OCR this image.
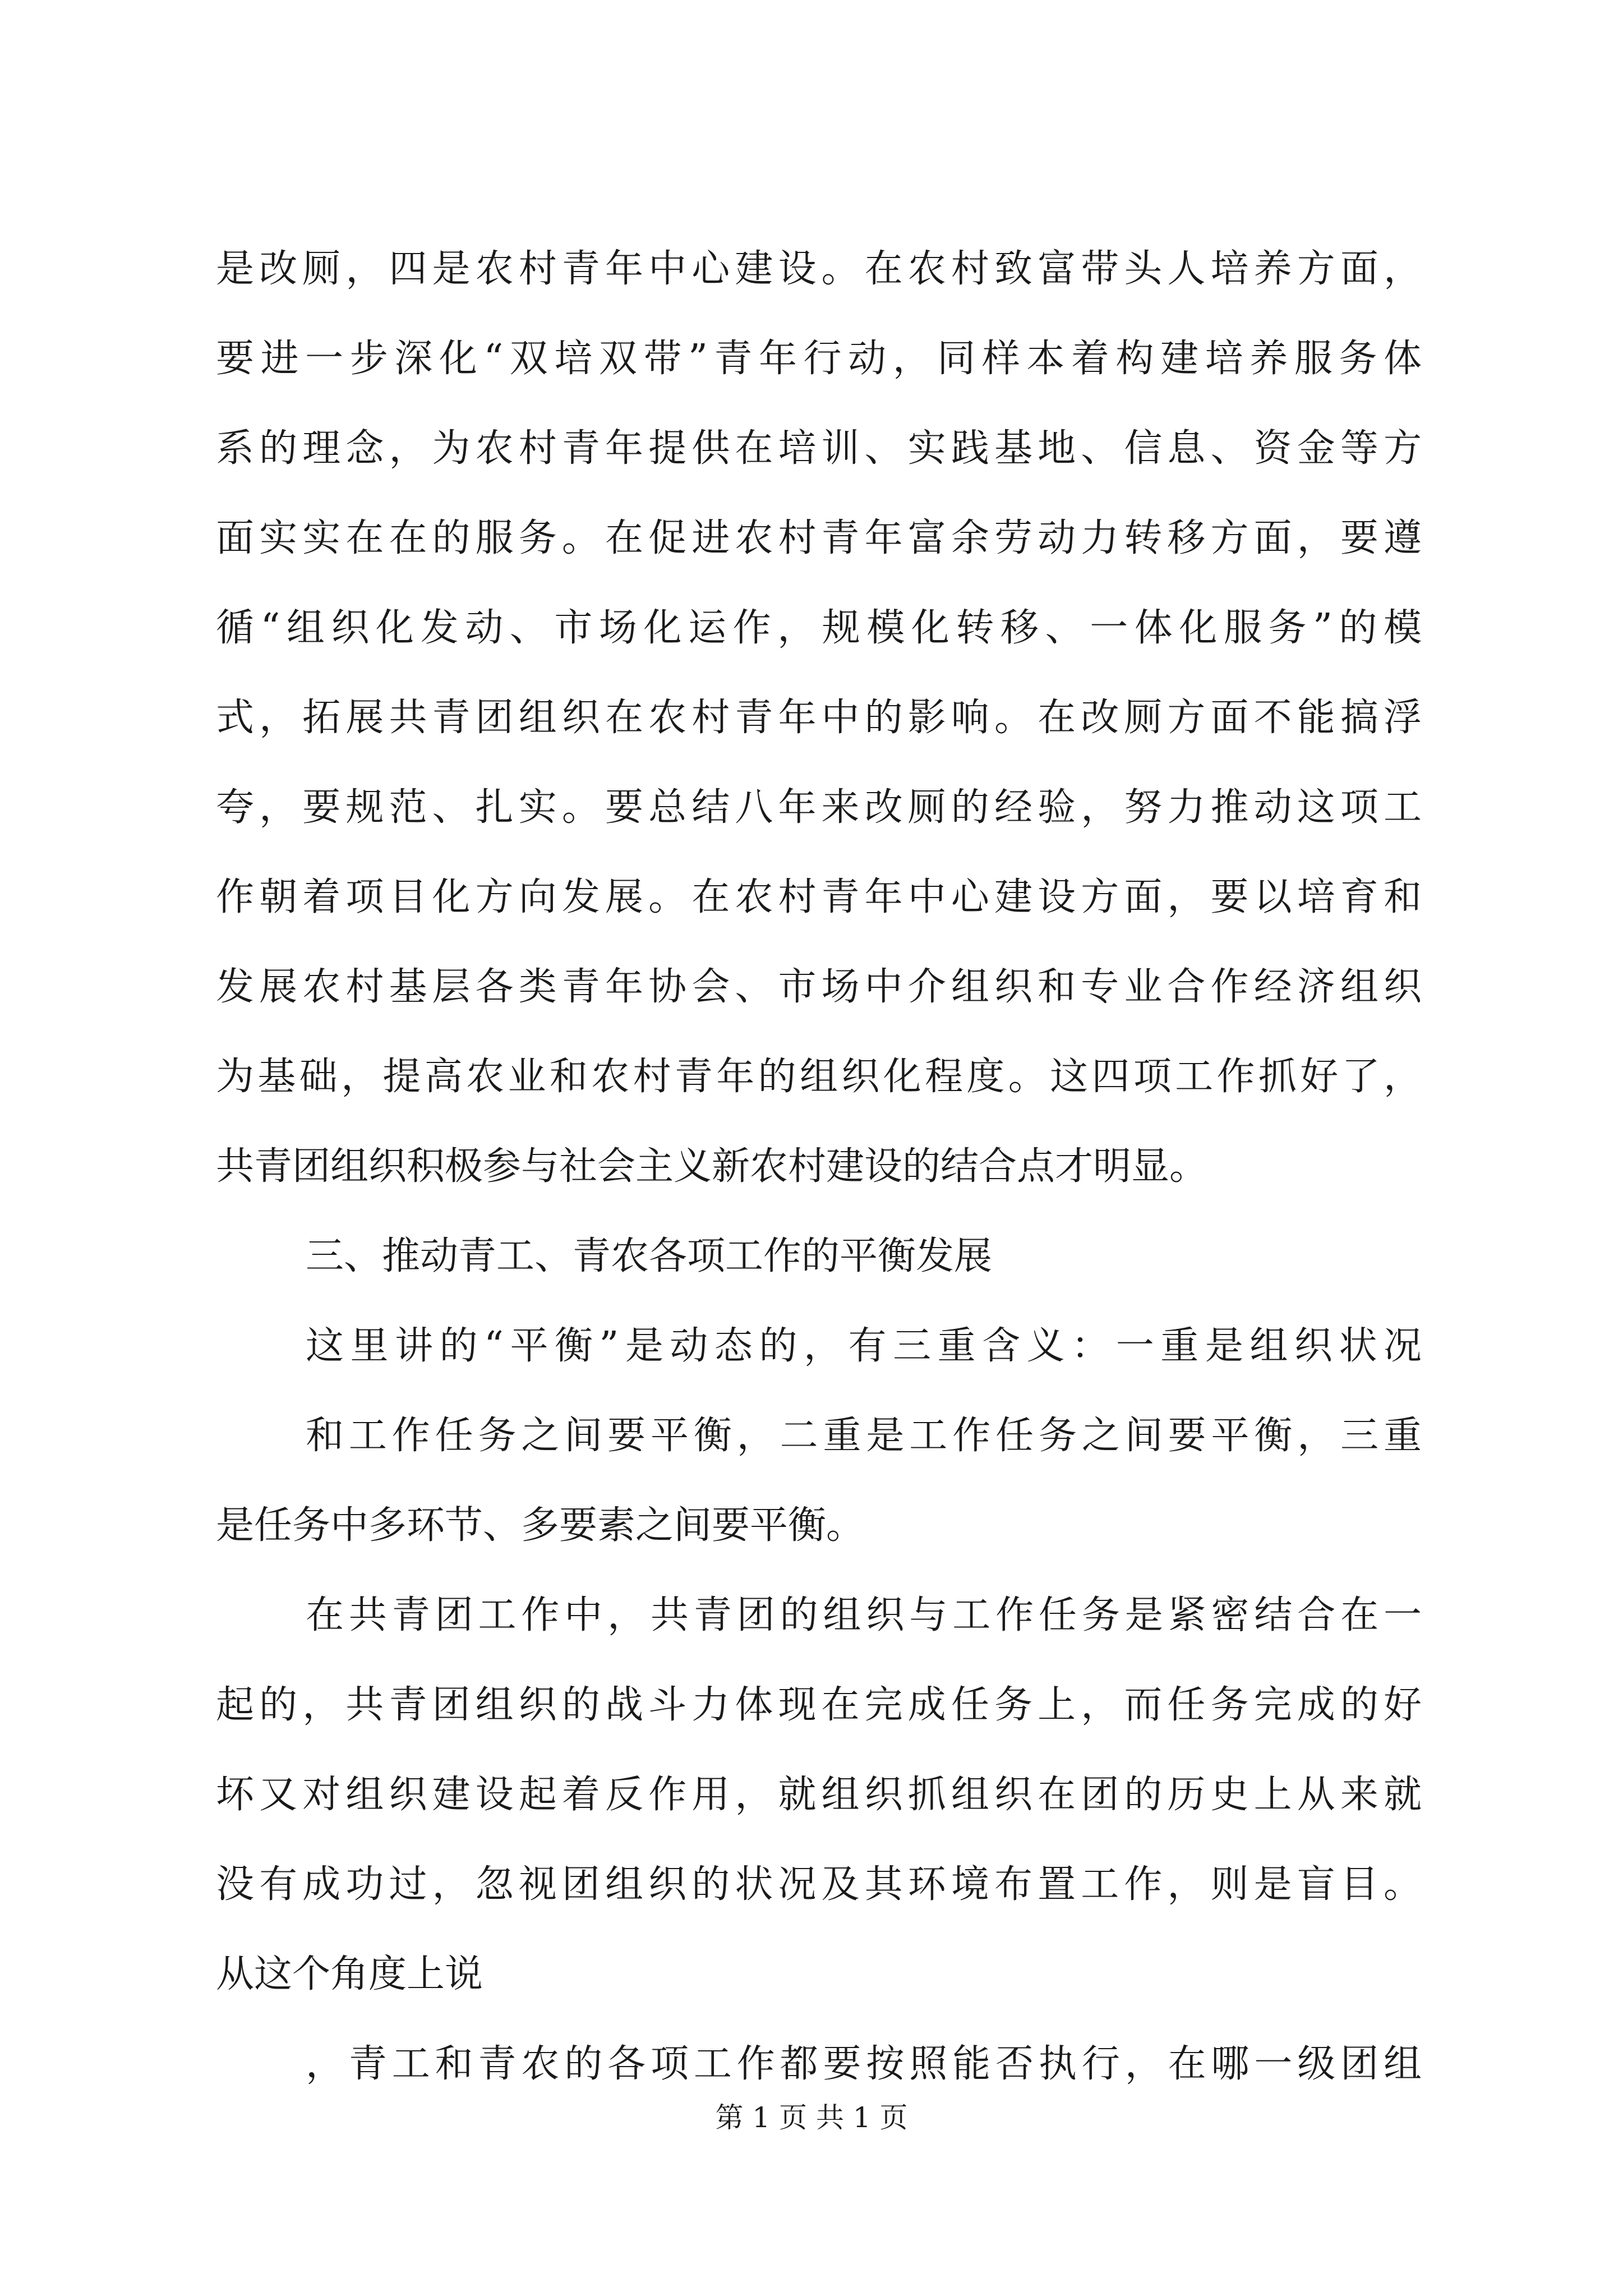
是改厕，四是农村青年中心建设。在农村致富带头人培养方面，
要进一步深化“双培双带”青年行动，同样本着构建培养服务体
系的理念，为农村青年提供在培训、实践基地、信息、资金等方
面实实在在的服务。在促进农村青年富余劳动力转移方面，要遵
循“组织化发动、市场化运作，规模化转移、一体化服务”的模
式，拓展共青团组织在农村青年中的影响。在改厕方面不能搞浮
夸，要规范、扎实。要总结八年来改厕的经验，努力推动这项工
作朝着项目化方向发展。在农村青年中心建设方面，要以培育和
发展农村基层各类青年协会、市场中介组织和专业合作经济组织
为基础，提高农业和农村青年的组织化程度。这四项工作抓好了，
共青团组织积极参与社会主义新农村建设的结合点才明显。
三、推动青工、青农各项工作的平衡发展
这里讲的“平衡”是动态的，有三重含义：一重是组织状况
和工作任务之间要平衡，二重是工作任务之间要平衡，三重
是任务中多环节、多要素之间要平衡。
在共青团工作中，共青团的组织与工作任务是紧密结合在一
起的，共青团组织的战斗力体现在完成任务上，而任务完成的好
坏又对组织建设起着反作用，就组织抓组织在团的历史上从来就
没有成功过，忽视团组织的状况及其环境布置工作，则是盲目。
从这个角度上说
，青工和青农的各项工作都要按照能否执行，在哪一级团组
第 1 页 共 1 页
